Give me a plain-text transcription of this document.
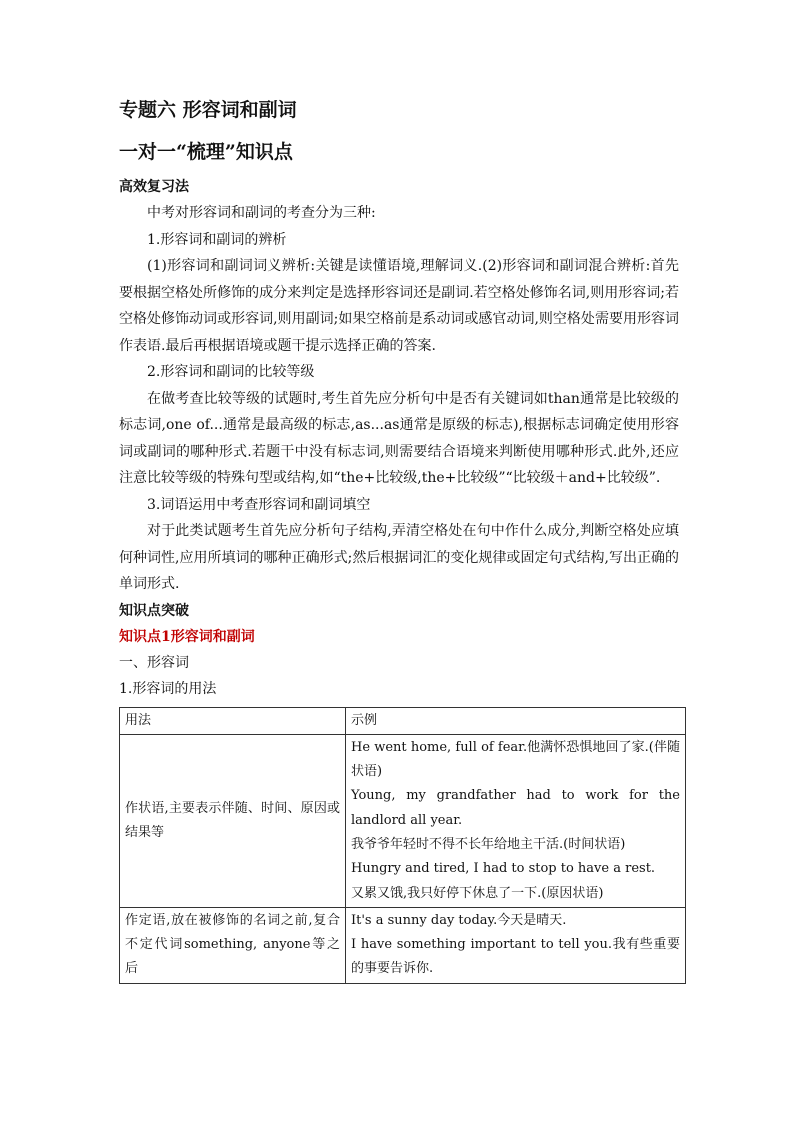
专题六 形容词和副词
一对一“梳理”知识点
高效复习法

中考对形容词和副词的考查分为三种:

1.形容词和副词的辨析

(1)形容词和副词词义辨析:关键是读懂语境,理解词义.(2)形容词和副词混合辨析:首先要根据空格处所修饰的成分来判定是选择形容词还是副词.若空格处修饰名词,则用形容词;若空格处修饰动词或形容词,则用副词;如果空格前是系动词或感官动词,则空格处需要用形容词作表语.最后再根据语境或题干提示选择正确的答案.

2.形容词和副词的比较等级

在做考查比较等级的试题时,考生首先应分析句中是否有关键词如than通常是比较级的标志词,one of...通常是最高级的标志,as...as通常是原级的标志),根据标志词确定使用形容词或副词的哪种形式.若题干中没有标志词,则需要结合语境来判断使用哪种形式.此外,还应注意比较等级的特殊句型或结构,如“the+比较级,the+比较级”“比较级＋and+比较级”.

3.词语运用中考查形容词和副词填空

对于此类试题考生首先应分析句子结构,弄清空格处在句中作什么成分,判断空格处应填何种词性,应用所填词的哪种正确形式;然后根据词汇的变化规律或固定句式结构,写出正确的单词形式.

知识点突破
知识点1形容词和副词

一、形容词

1.形容词的用法

用法	示例
作状语,主要表示伴随、时间、原因或结果等	He went home, full of fear.他满怀恐惧地回了家.(伴随状语)
Young, my grandfather had to work for the landlord all year.
我爷爷年轻时不得不长年给地主干活.(时间状语)
Hungry and tired, I had to stop to have a rest.
又累又饿,我只好停下休息了一下.(原因状语)

作定语,放在被修饰的名词之前,复合不定代词something, anyone等之后	It's a sunny day today.今天是晴天.
I have something important to tell you.我有些重要的事要告诉你.
